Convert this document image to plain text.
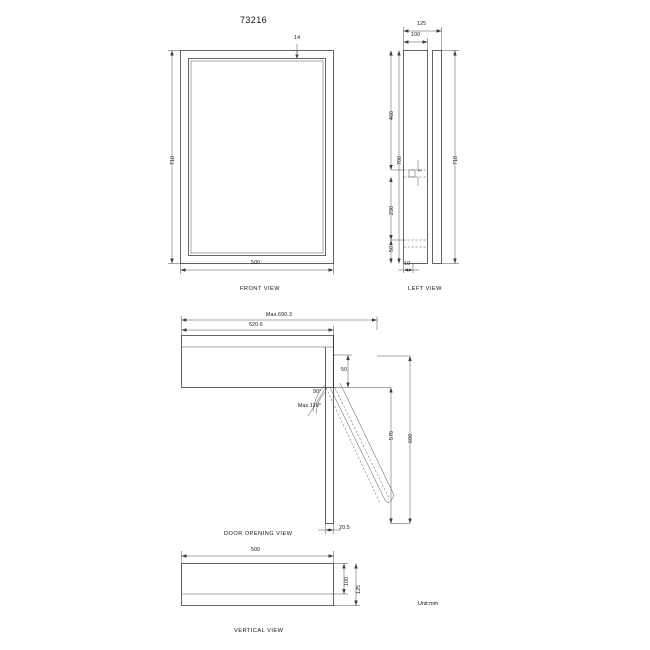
73216
14
710
500
FRONT VIEW
125
100
710
700
460
230
50
7
10
LEFT VIEW
Max.690.3
520.6
50
90°
Max.110°
570	600
20.5
DOOR OPENING VIEW
500
100
125
VERTICAL VIEW
Unit:mm
